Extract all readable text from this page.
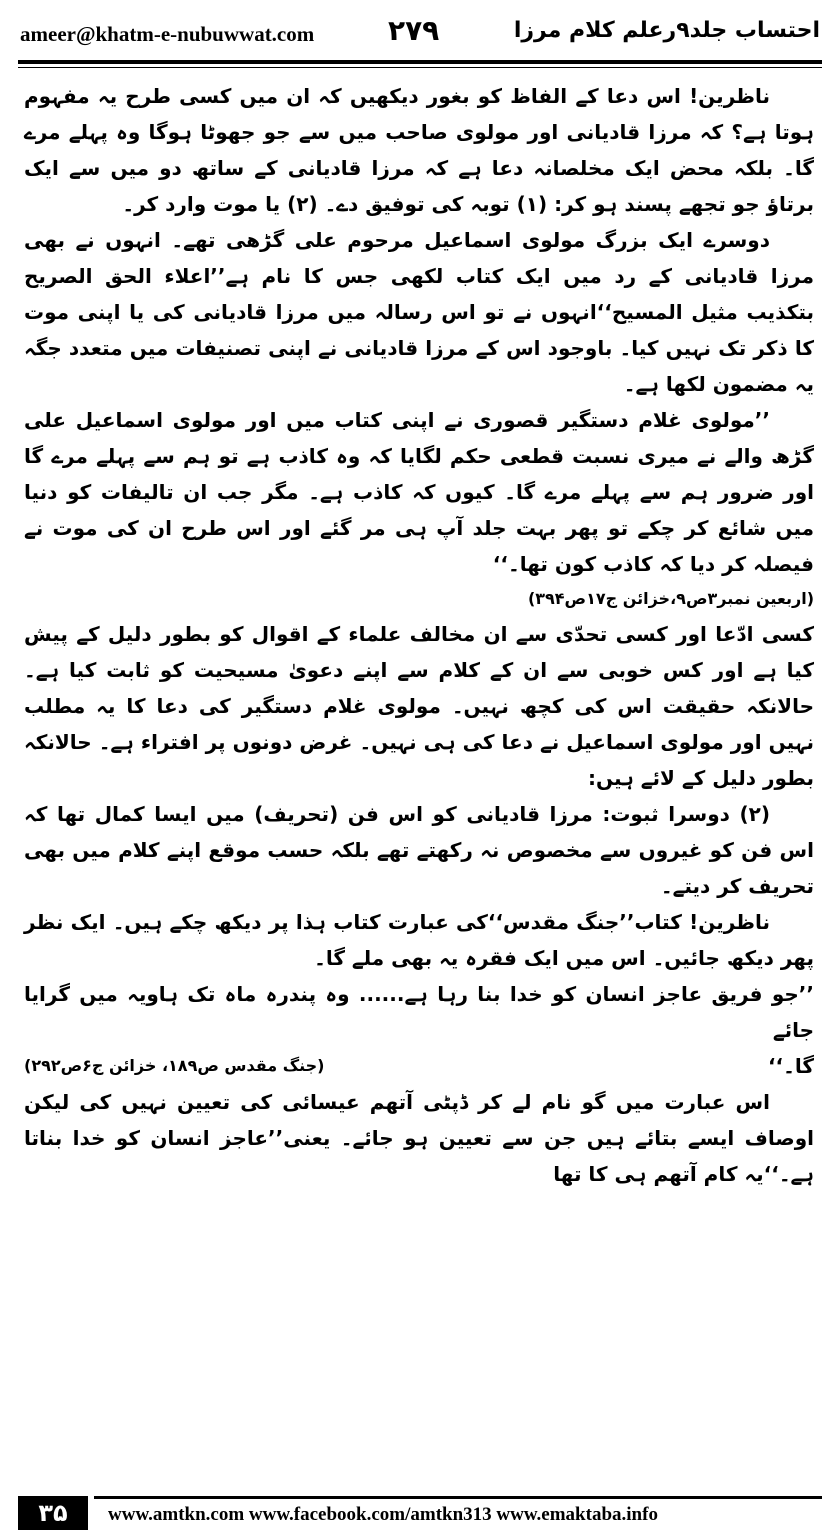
ameer@khatm-e-nubuwwat.com	۲۷۹	احتساب جلد۹رعلم کلام مرزا

ناظرین! اس دعا کے الفاظ کو بغور دیکھیں کہ ان میں کسی طرح یہ مفہوم ہوتا ہے؟ کہ مرزا قادیانی اور مولوی صاحب میں سے جو جھوٹا ہوگا وہ پہلے مرے گا۔ بلکہ محض ایک مخلصانہ دعا ہے کہ مرزا قادیانی کے ساتھ دو میں سے ایک برتاؤ جو تجھے پسند ہو کر: (۱) توبہ کی توفیق دے۔ (۲) یا موت وارد کر۔

دوسرے ایک بزرگ مولوی اسماعیل مرحوم علی گڑھی تھے۔ انہوں نے بھی مرزا قادیانی کے رد میں ایک کتاب لکھی جس کا نام ہے’’اعلاء الحق الصریح بتکذیب مثیل المسیح‘‘انہوں نے تو اس رسالہ میں مرزا قادیانی کی یا اپنی موت کا ذکر تک نہیں کیا۔ باوجود اس کے مرزا قادیانی نے اپنی تصنیفات میں متعدد جگہ یہ مضمون لکھا ہے۔

’’مولوی غلام دستگیر قصوری نے اپنی کتاب میں اور مولوی اسماعیل علی گڑھ والے نے میری نسبت قطعی حکم لگایا کہ وہ کاذب ہے تو ہم سے پہلے مرے گا اور ضرور ہم سے پہلے مرے گا۔ کیوں کہ کاذب ہے۔ مگر جب ان تالیفات کو دنیا میں شائع کر چکے تو پھر بہت جلد آپ ہی مر گئے اور اس طرح ان کی موت نے فیصلہ کر دیا کہ کاذب کون تھا۔‘‘

(اربعین نمبر۳ص۹،خزائن ج۱۷ص۳۹۴)

کسی ادّعا اور کسی تحدّی سے ان مخالف علماء کے اقوال کو بطور دلیل کے پیش کیا ہے اور کس خوبی سے ان کے کلام سے اپنے دعویٰ مسیحیت کو ثابت کیا ہے۔ حالانکہ حقیقت اس کی کچھ نہیں۔ مولوی غلام دستگیر کی دعا کا یہ مطلب نہیں اور مولوی اسماعیل نے دعا کی ہی نہیں۔ غرض دونوں پر افتراء ہے۔ حالانکہ بطور دلیل کے لائے ہیں:

(۲) دوسرا ثبوت: مرزا قادیانی کو اس فن (تحریف) میں ایسا کمال تھا کہ اس فن کو غیروں سے مخصوص نہ رکھتے تھے بلکہ حسب موقع اپنے کلام میں بھی تحریف کر دیتے۔

ناظرین! کتاب’’جنگ مقدس‘‘کی عبارت کتاب ہذا پر دیکھ چکے ہیں۔ ایک نظر پھر دیکھ جائیں۔ اس میں ایک فقرہ یہ بھی ملے گا۔

’’جو فریق عاجز انسان کو خدا بنا رہا ہے...... وہ پندرہ ماہ تک ہاویہ میں گرایا جائے

گا۔‘‘
(جنگ مقدس ص۱۸۹، خزائن ج۶ص۲۹۲)

اس عبارت میں گو نام لے کر ڈپٹی آتھم عیسائی کی تعیین نہیں کی لیکن اوصاف ایسے بتائے ہیں جن سے تعیین ہو جائے۔ یعنی’’عاجز انسان کو خدا بناتا ہے۔‘‘یہ کام آتھم ہی کا تھا

۳۵	www.amtkn.com www.facebook.com/amtkn313 www.emaktaba.info
